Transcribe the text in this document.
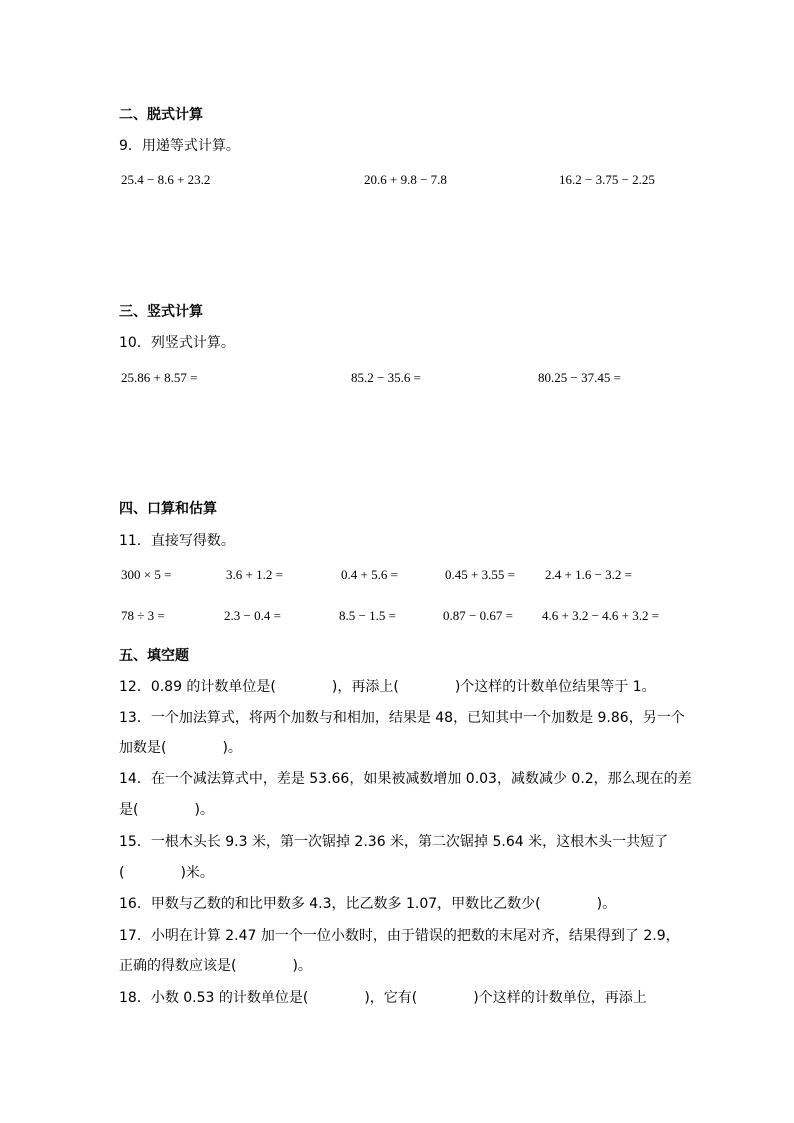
二、脱式计算
9．用递等式计算。
25.4 − 8.6 + 23.2	20.6 + 9.8 − 7.8	16.2 − 3.75 − 2.25
三、竖式计算
10．列竖式计算。
25.86 + 8.57 =	85.2 − 35.6 =	80.25 − 37.45 =
四、口算和估算
11．直接写得数。
300 × 5 =	3.6 + 1.2 =	0.4 + 5.6 =	0.45 + 3.55 = 2.4 + 1.6 − 3.2 =
78 ÷ 3 =	2.3 − 0.4 =	8.5 − 1.5 =	0.87 − 0.67 = 4.6 + 3.2 − 4.6 + 3.2 =
五、填空题
12．0.89 的计数单位是(　　　　)，再添上(　　　　)个这样的计数单位结果等于 1。
13．一个加法算式，将两个加数与和相加，结果是 48，已知其中一个加数是 9.86，另一个
加数是(　　　　)。
14．在一个减法算式中，差是 53.66，如果被减数增加 0.03，减数减少 0.2，那么现在的差
是(　　　　)。
15．一根木头长 9.3 米，第一次锯掉 2.36 米，第二次锯掉 5.64 米，这根木头一共短了
(　　　　)米。
16．甲数与乙数的和比甲数多 4.3，比乙数多 1.07，甲数比乙数少(　　　　)。
17．小明在计算 2.47 加一个一位小数时，由于错误的把数的末尾对齐，结果得到了 2.9，
正确的得数应该是(　　　　)。
18．小数 0.53 的计数单位是(　　　　)，它有(　　　　)个这样的计数单位，再添上
